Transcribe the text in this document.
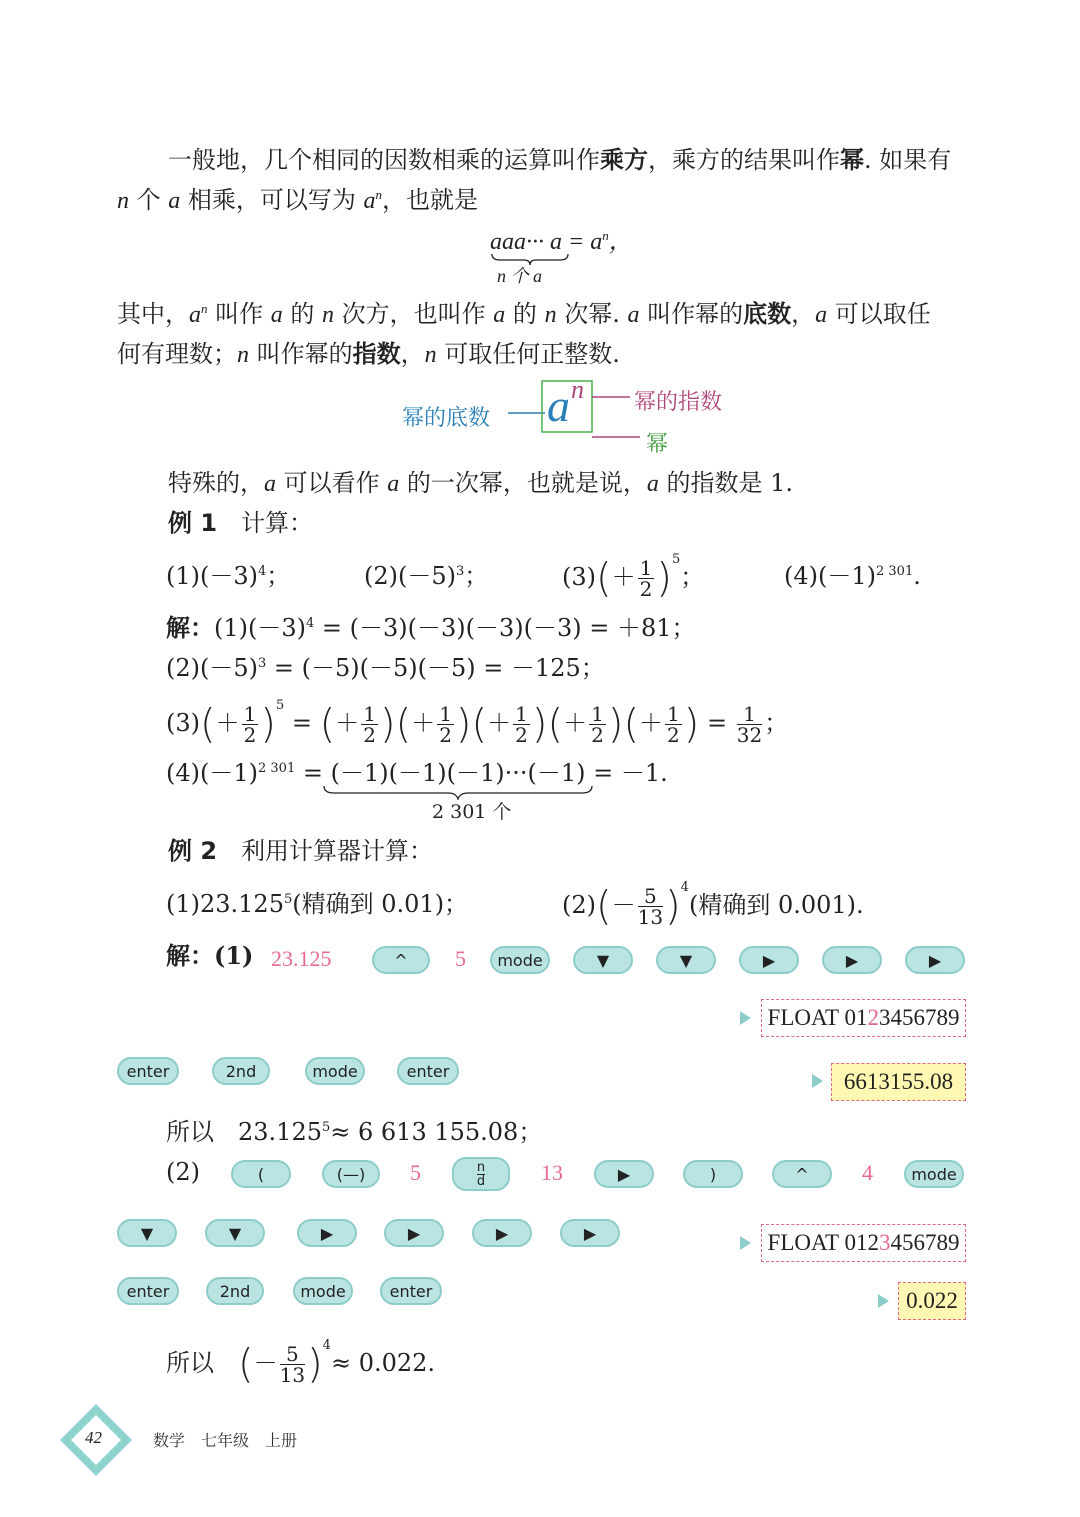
一般地，几个相同的因数相乘的运算叫作乘方，乘方的结果叫作幂. 如果有
n 个 a 相乘，可以写为 $a^n$，也就是
$aaa\cdot\cdot\cdot a = a^n$，
n 个 a
其中，$a^n$ 叫作 a 的 n 次方，也叫作 a 的 n 次幂. a 叫作幂的底数，a 可以取任
何有理数；n 叫作幂的指数，n 可取任何正整数.
幂的底数 a n 幂的指数
幂
特殊的，a 可以看作 a 的一次幂，也就是说，a 的指数是 1.
例 1　 计算：
$(1)(-3)^4$；	$(2)(-5)^3$；	$(3)(+ \frac{1}{2} )^5$；	$(4)(-1)^{2 301}$.
解：$(1)(-3)^4 = (-3)(-3)(-3)(-3) = +81$；
$(2)(-5)^3 = (-5)(-5)(-5) = -125$；
$(3)(+ \frac{1}{2} )^5$ = (＋ $\frac{1}{2}$ )(＋ $\frac{1}{2}$ )(＋ $\frac{1}{2}$ )(＋ $\frac{1}{2}$ )(＋ $\frac{1}{2}$ ) = $\frac{1}{32}$ ；
$(4)(-1)^{2 301} = (-1)(-1)(-1)\cdot\cdot\cdot(-1) = -1$.
2 301 个
例 2　 利用计算器计算：
(1)23.125$^5$(精确到 0.01)；	$(2)(- \frac{5}{13} )^4$(精确到 0.001).
解：(1) 23.125	^	5	mode	▼	▼	▶	▶	▶
FLOAT 01 2 3456789
enter	2nd	mode	enter	6613155.08
所以　 $23.125^5\approx 6$ 613 155.08；
(2)	(	(—)	5	n
d	13	▶	)	^	4	mode
▼	▼	▶	▶	▶	▶	FLOAT 012 3 456789
enter	2nd	mode	enter	0.022
所以　 (－ $\frac{5}{13} )^4\approx 0.022$.
42	数学　七年级　上册
